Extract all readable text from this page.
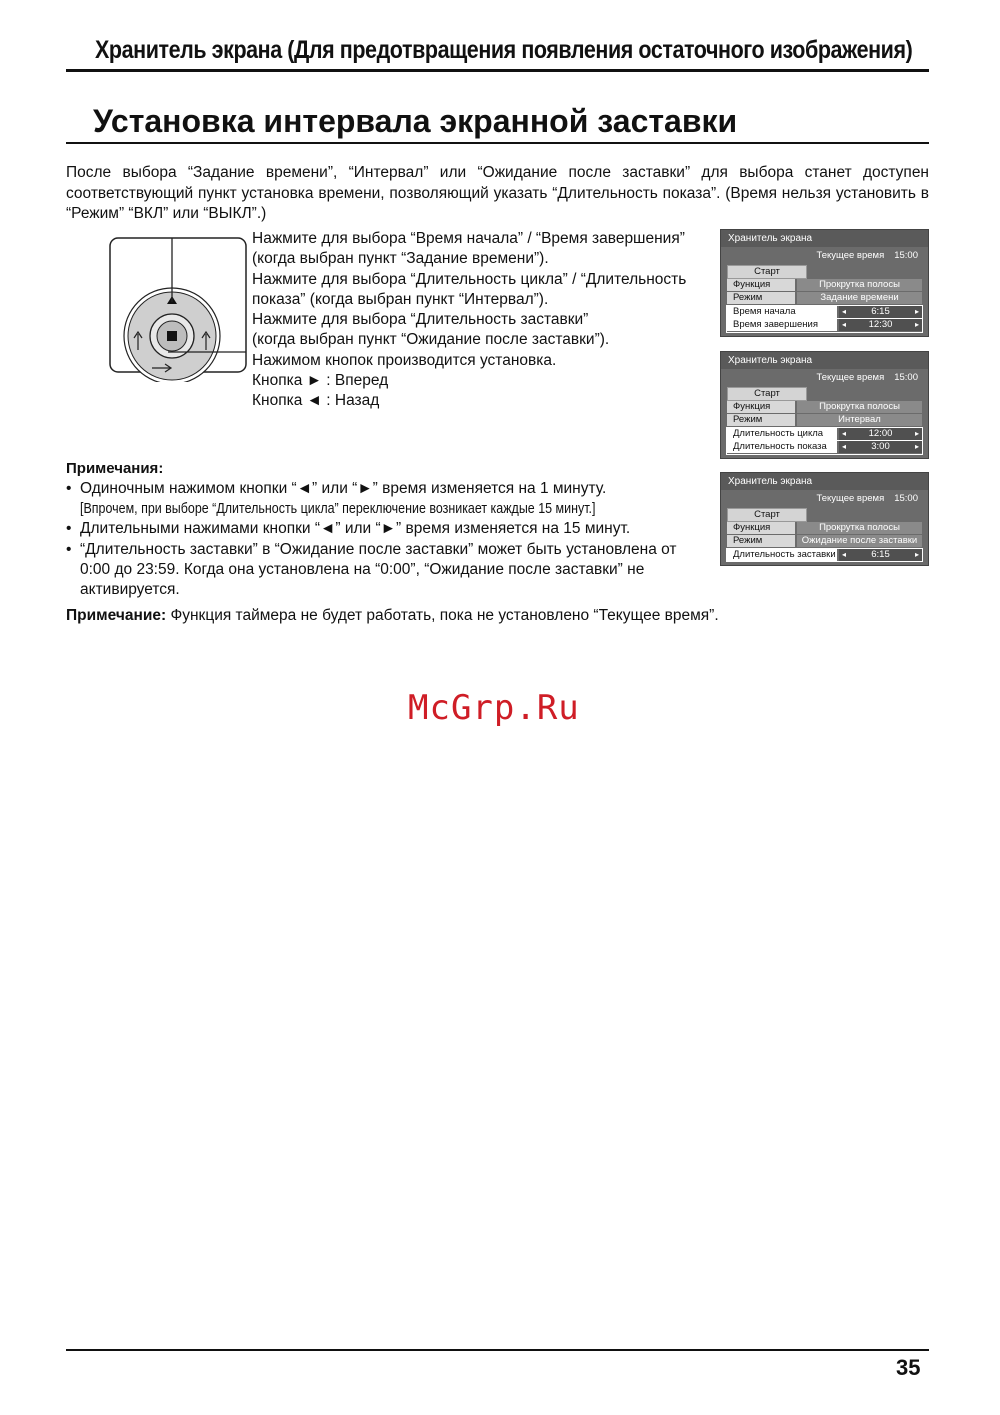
Хранитель экрана (Для предотвращения появления остаточного изображения)
Установка интервала экранной заставки
После выбора “Задание времени”, “Интервал” или “Ожидание после заставки” для выбора станет доступен соответствующий пункт установка времени, позволяющий указать “Длительность показа”. (Время нельзя установить в “Режим” “ВКЛ” или “ВЫКЛ”.)
Нажмите для выбора “Время начала” / “Время завершения”
(когда выбран пункт “Задание времени”).
Нажмите для выбора “Длительность цикла” / “Длительность
показа” (когда выбран пункт “Интервал”).
Нажмите для выбора “Длительность заставки”
(когда выбран пункт “Ожидание после заставки”).
Нажимом кнопок производится установка.
Кнопка ► : Вперед
Кнопка ◄ : Назад
Примечания:
• Одиночным нажимом кнопки “◄” или “►” время изменяется на 1 минуту.
[Впрочем, при выборе “Длительность цикла” переключение возникает каждые 15 минут.]
• Длительными нажимами кнопки “◄” или “►” время изменяется на 15 минут.
• “Длительность заставки” в “Ожидание после заставки” может быть установлена от 0:00 до 23:59. Когда она установлена на “0:00”, “Ожидание после заставки” не активируется.
Примечание: Функция таймера не будет работать, пока не установлено “Текущее время”.
Хранитель экрана
Текущее время 15:00
Старт
Функция	Прокрутка полосы
Режим	Задание времени
Время начала	◂ 6:15 ▸
Время завершения	◂ 12:30 ▸
Хранитель экрана
Текущее время 15:00
Старт
Функция	Прокрутка полосы
Режим	Интервал
Длительность цикла	◂ 12:00 ▸
Длительность показа	◂ 3:00 ▸
Хранитель экрана
Текущее время 15:00
Старт
Функция	Прокрутка полосы
Режим	Ожидание после заставки
Длительность заставки	◂ 6:15 ▸
McGrp.Ru
35
